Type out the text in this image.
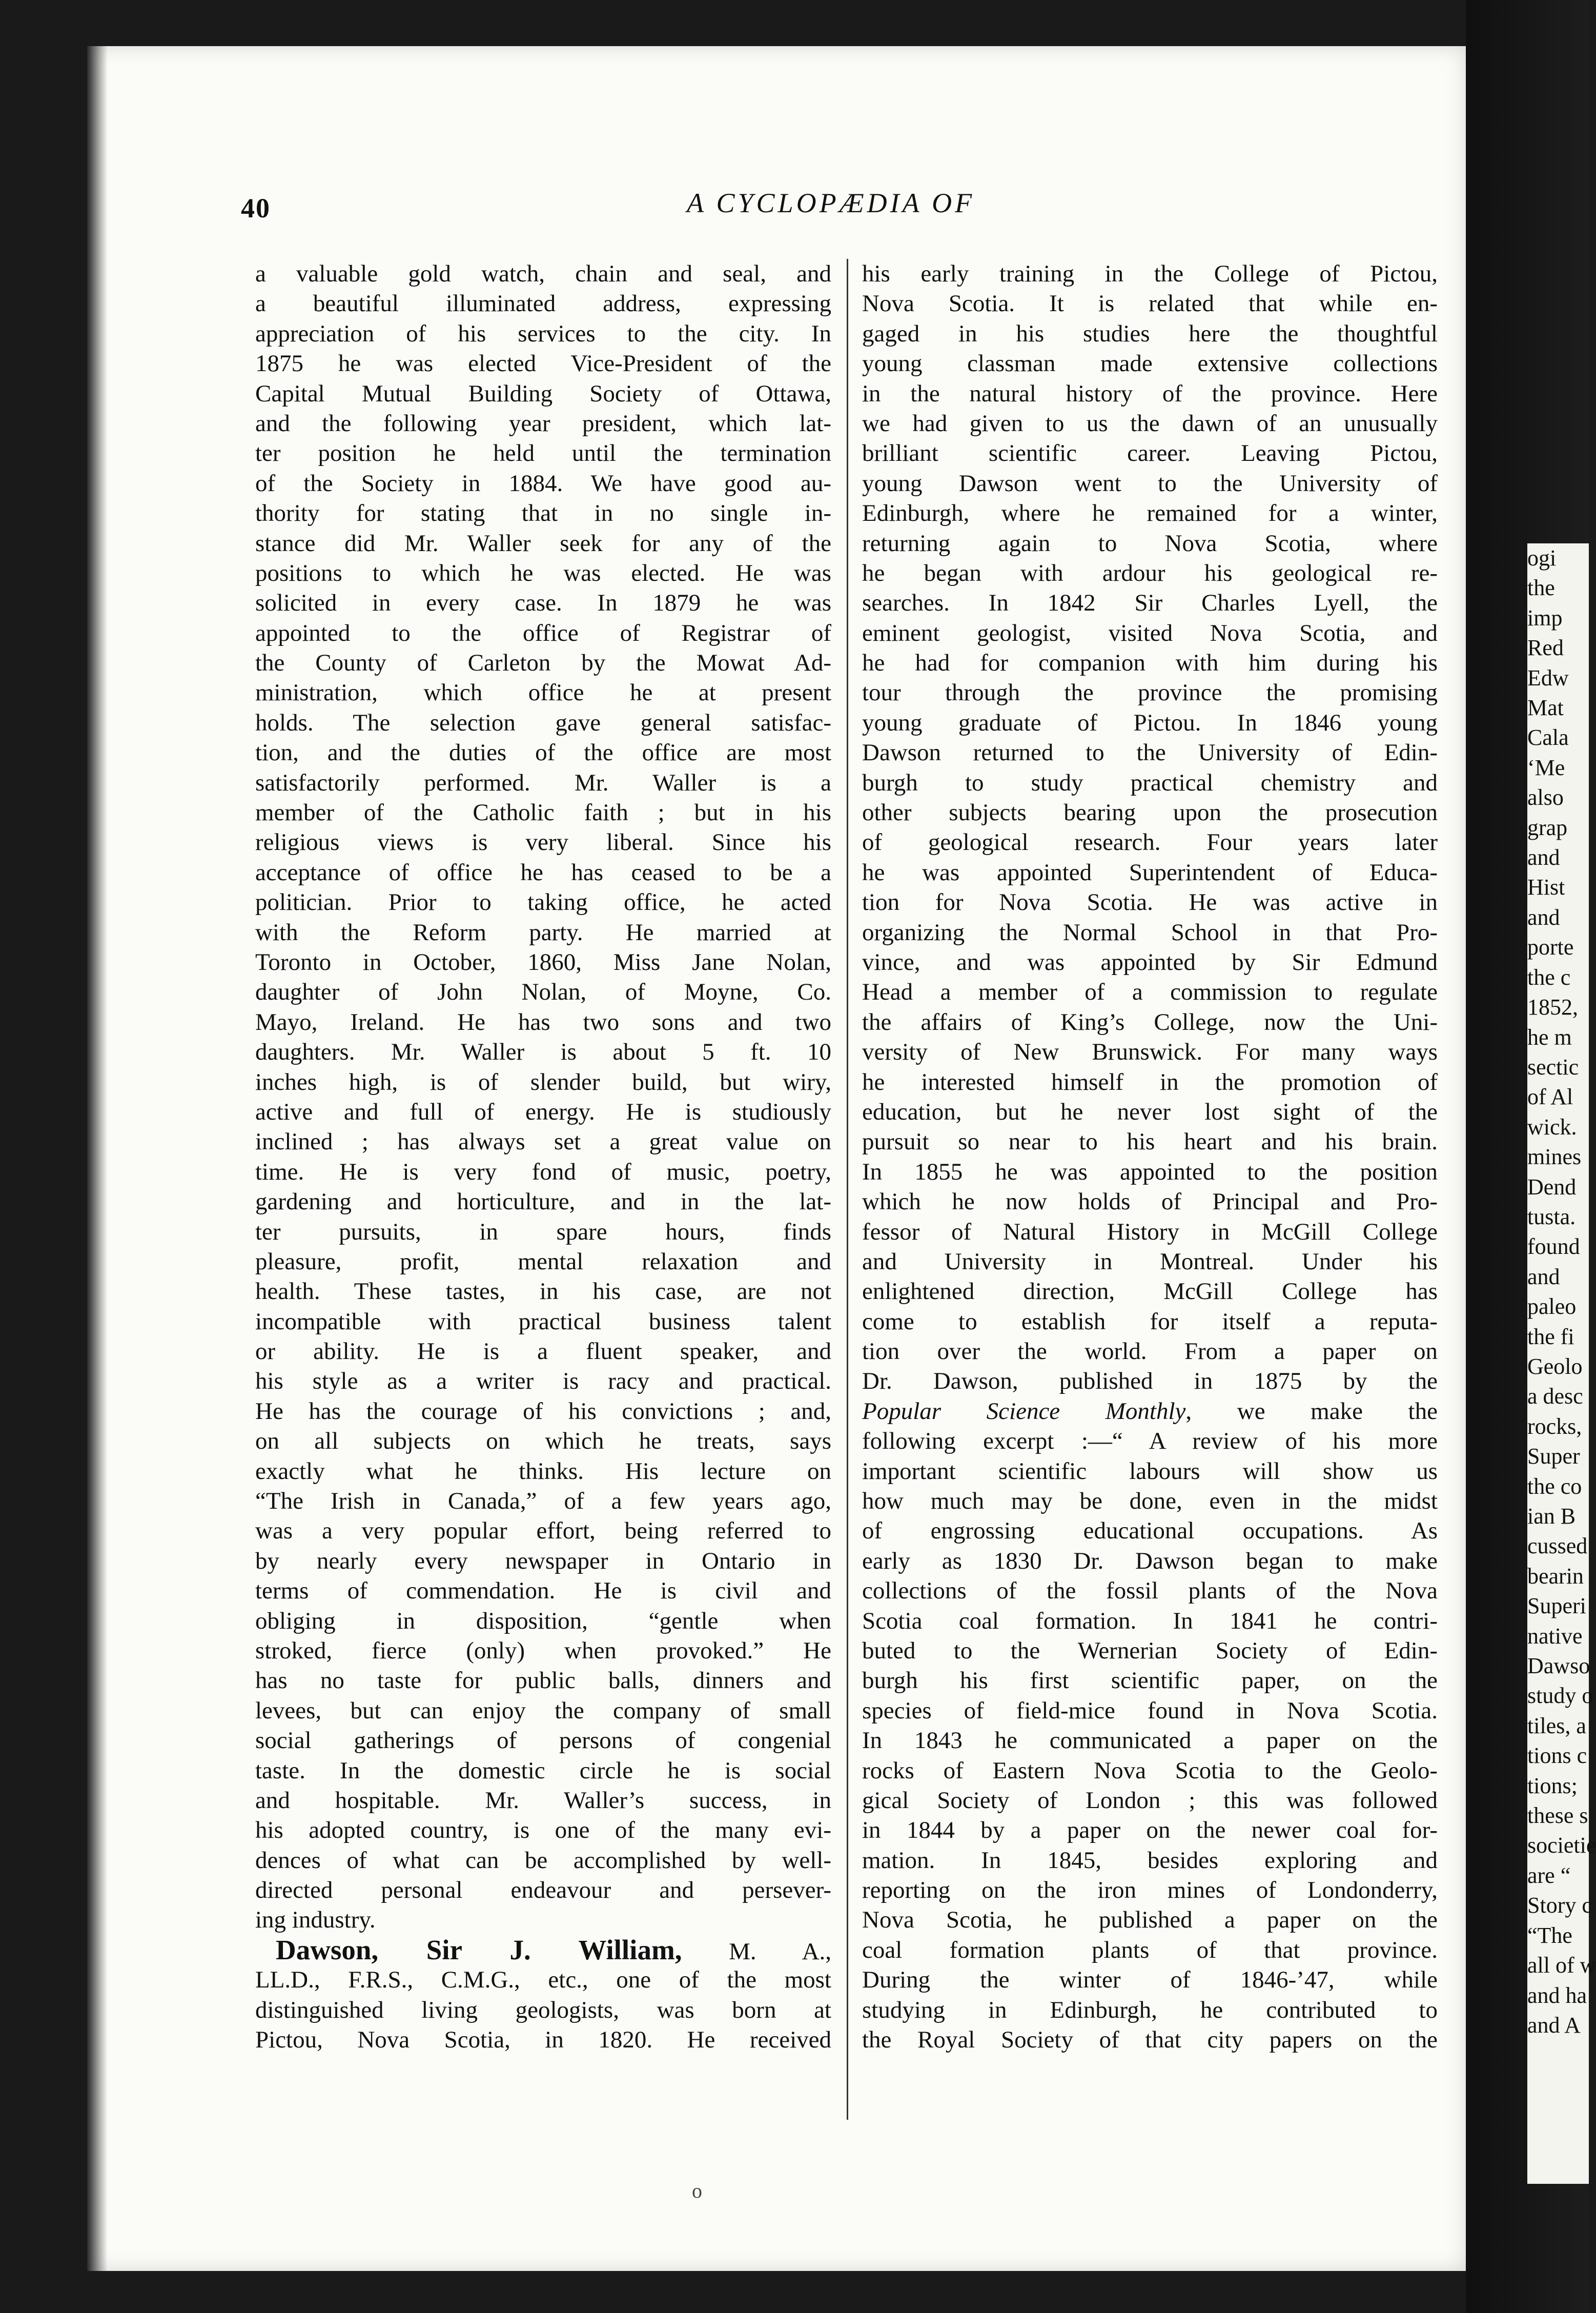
ogi
the
imp
Red
Edw
Mat
Cala
‘Me
also
grap
and
Hist
and
porte
the c
1852,
he m
sectic
of Al
wick.
mines
Dend
tusta.
found
and
paleo
the fi
Geolo
a desc
rocks,
Super
the co
ian B
cussed
bearin
Superi
native
Dawso
study o
tiles, a
tions c
tions;
these s
societie
are “
Story c
“The
all of w
and ha
and A
40	A CYCLOPÆDIA OF
a valuable gold watch, chain and seal, and
a beautiful illuminated address, expressing
appreciation of his services to the city. In
1875 he was elected Vice-President of the
Capital Mutual Building Society of Ottawa,
and the following year president, which lat-
ter position he held until the termination
of the Society in 1884. We have good au-
thority for stating that in no single in-
stance did Mr. Waller seek for any of the
positions to which he was elected. He was
solicited in every case. In 1879 he was
appointed to the office of Registrar of
the County of Carleton by the Mowat Ad-
ministration, which office he at present
holds. The selection gave general satisfac-
tion, and the duties of the office are most
satisfactorily performed. Mr. Waller is a
member of the Catholic faith ; but in his
religious views is very liberal. Since his
acceptance of office he has ceased to be a
politician. Prior to taking office, he acted
with the Reform party. He married at
Toronto in October, 1860, Miss Jane Nolan,
daughter of John Nolan, of Moyne, Co.
Mayo, Ireland. He has two sons and two
daughters. Mr. Waller is about 5 ft. 10
inches high, is of slender build, but wiry,
active and full of energy. He is studiously
inclined ; has always set a great value on
time. He is very fond of music, poetry,
gardening and horticulture, and in the lat-
ter pursuits, in spare hours, finds
pleasure, profit, mental relaxation and
health. These tastes, in his case, are not
incompatible with practical business talent
or ability. He is a fluent speaker, and
his style as a writer is racy and practical.
He has the courage of his convictions ; and,
on all subjects on which he treats, says
exactly what he thinks. His lecture on
“The Irish in Canada,” of a few years ago,
was a very popular effort, being referred to
by nearly every newspaper in Ontario in
terms of commendation. He is civil and
obliging in disposition, “gentle when
stroked, fierce (only) when provoked.” He
has no taste for public balls, dinners and
levees, but can enjoy the company of small
social gatherings of persons of congenial
taste. In the domestic circle he is social
and hospitable. Mr. Waller’s success, in
his adopted country, is one of the many evi-
dences of what can be accomplished by well-
directed personal endeavour and persever-
ing industry.
Dawson, Sir J. William, M. A.,
LL.D., F.R.S., C.M.G., etc., one of the most
distinguished living geologists, was born at
Pictou, Nova Scotia, in 1820. He received
his early training in the College of Pictou,
Nova Scotia. It is related that while en-
gaged in his studies here the thoughtful
young classman made extensive collections
in the natural history of the province. Here
we had given to us the dawn of an unusually
brilliant scientific career. Leaving Pictou,
young Dawson went to the University of
Edinburgh, where he remained for a winter,
returning again to Nova Scotia, where
he began with ardour his geological re-
searches. In 1842 Sir Charles Lyell, the
eminent geologist, visited Nova Scotia, and
he had for companion with him during his
tour through the province the promising
young graduate of Pictou. In 1846 young
Dawson returned to the University of Edin-
burgh to study practical chemistry and
other subjects bearing upon the prosecution
of geological research. Four years later
he was appointed Superintendent of Educa-
tion for Nova Scotia. He was active in
organizing the Normal School in that Pro-
vince, and was appointed by Sir Edmund
Head a member of a commission to regulate
the affairs of King’s College, now the Uni-
versity of New Brunswick. For many ways
he interested himself in the promotion of
education, but he never lost sight of the
pursuit so near to his heart and his brain.
In 1855 he was appointed to the position
which he now holds of Principal and Pro-
fessor of Natural History in McGill College
and University in Montreal. Under his
enlightened direction, McGill College has
come to establish for itself a reputa-
tion over the world. From a paper on
Dr. Dawson, published in 1875 by the
Popular Science Monthly, we make the
following excerpt :—“ A review of his more
important scientific labours will show us
how much may be done, even in the midst
of engrossing educational occupations. As
early as 1830 Dr. Dawson began to make
collections of the fossil plants of the Nova
Scotia coal formation. In 1841 he contri-
buted to the Wernerian Society of Edin-
burgh his first scientific paper, on the
species of field-mice found in Nova Scotia.
In 1843 he communicated a paper on the
rocks of Eastern Nova Scotia to the Geolo-
gical Society of London ; this was followed
in 1844 by a paper on the newer coal for-
mation. In 1845, besides exploring and
reporting on the iron mines of Londonderry,
Nova Scotia, he published a paper on the
coal formation plants of that province.
During the winter of 1846-’47, while
studying in Edinburgh, he contributed to
the Royal Society of that city papers on the
o
